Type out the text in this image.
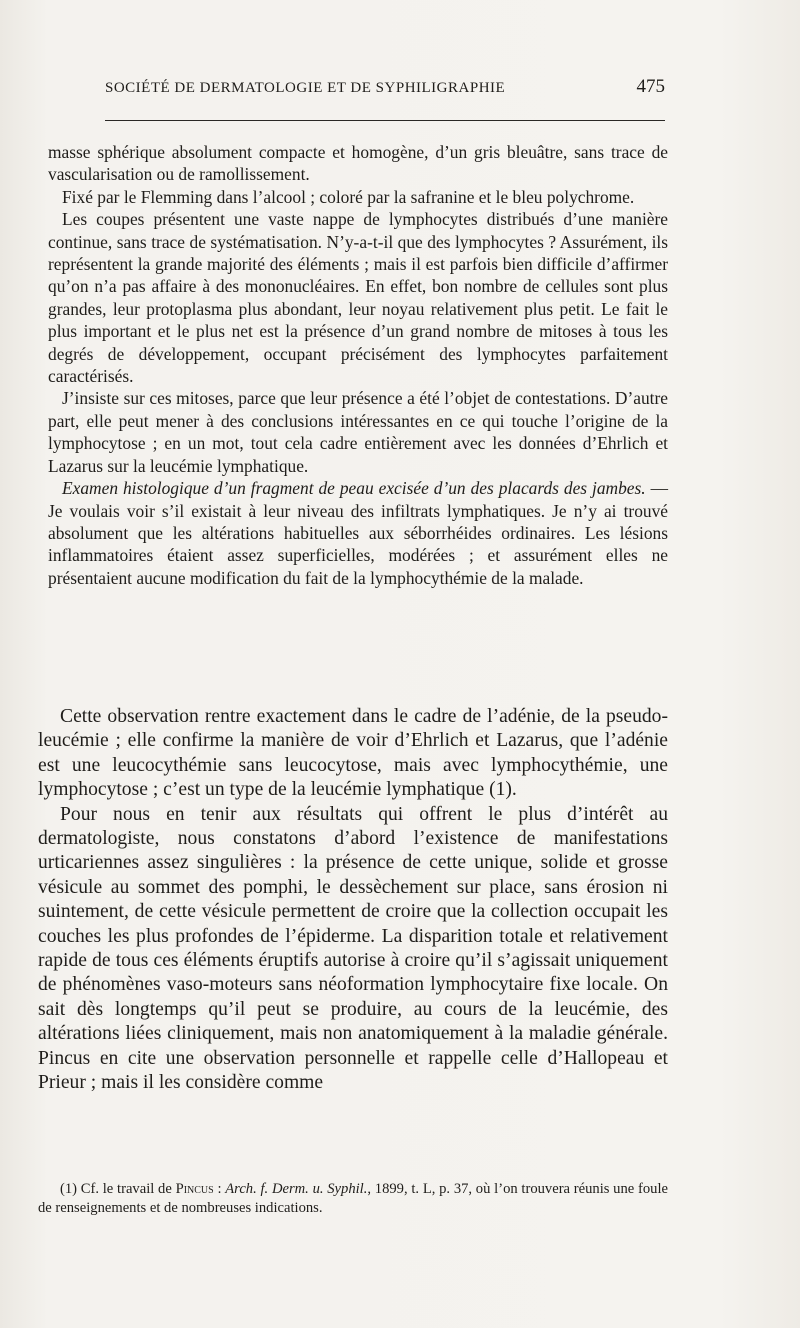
SOCIÉTÉ DE DERMATOLOGIE ET DE SYPHILIGRAPHIE	475

masse sphérique absolument compacte et homogène, d’un gris bleuâtre, sans trace de vascularisation ou de ramollissement.

Fixé par le Flemming dans l’alcool ; coloré par la safranine et le bleu polychrome.

Les coupes présentent une vaste nappe de lymphocytes distribués d’une manière continue, sans trace de systématisation. N’y-a-t-il que des lymphocytes ? Assurément, ils représentent la grande majorité des éléments ; mais il est parfois bien difficile d’affirmer qu’on n’a pas affaire à des mononucléaires. En effet, bon nombre de cellules sont plus grandes, leur protoplasma plus abondant, leur noyau relativement plus petit. Le fait le plus important et le plus net est la présence d’un grand nombre de mitoses à tous les degrés de développement, occupant précisément des lymphocytes parfaitement caractérisés.

J’insiste sur ces mitoses, parce que leur présence a été l’objet de contestations. D’autre part, elle peut mener à des conclusions intéressantes en ce qui touche l’origine de la lymphocytose ; en un mot, tout cela cadre entièrement avec les données d’Ehrlich et Lazarus sur la leucémie lymphatique.

Examen histologique d’un fragment de peau excisée d’un des placards des jambes. — Je voulais voir s’il existait à leur niveau des infiltrats lymphatiques. Je n’y ai trouvé absolument que les altérations habituelles aux séborrhéides ordinaires. Les lésions inflammatoires étaient assez superficielles, modérées ; et assurément elles ne présentaient aucune modification du fait de la lymphocythémie de la malade.

Cette observation rentre exactement dans le cadre de l’adénie, de la pseudo-leucémie ; elle confirme la manière de voir d’Ehrlich et Lazarus, que l’adénie est une leucocythémie sans leucocytose, mais avec lymphocythémie, une lymphocytose ; c’est un type de la leucémie lymphatique (1).

Pour nous en tenir aux résultats qui offrent le plus d’intérêt au dermatologiste, nous constatons d’abord l’existence de manifestations urticariennes assez singulières : la présence de cette unique, solide et grosse vésicule au sommet des pomphi, le dessèchement sur place, sans érosion ni suintement, de cette vésicule permettent de croire que la collection occupait les couches les plus profondes de l’épiderme. La disparition totale et relativement rapide de tous ces éléments éruptifs autorise à croire qu’il s’agissait uniquement de phénomènes vaso-moteurs sans néoformation lymphocytaire fixe locale. On sait dès longtemps qu’il peut se produire, au cours de la leucémie, des altérations liées cliniquement, mais non anatomiquement à la maladie générale. Pincus en cite une observation personnelle et rappelle celle d’Hallopeau et Prieur ; mais il les considère comme

(1) Cf. le travail de Pincus : Arch. f. Derm. u. Syphil., 1899, t. L, p. 37, où l’on trouvera réunis une foule de renseignements et de nombreuses indications.
